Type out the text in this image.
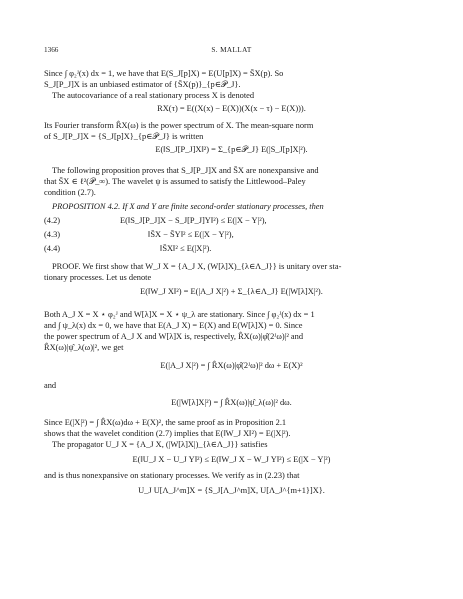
1366	S. MALLAT
Since ∫ φ₂ᴶ(x) dx = 1, we have that E(S_J[p]X) = E(U[p]X) = S̄X(p). So
S_J[P_J]X is an unbiased estimator of {S̄X(p)}_{p∈𝒫_J}.
The autocovariance of a real stationary process X is denoted
RX(τ) = E((X(x) − E(X))(X(x − τ) − E(X))).
Its Fourier transform R̂X(ω) is the power spectrum of X. The mean-square norm
of S_J[P_J]X = {S_J[p]X}_{p∈𝒫_J} is written
E(‖S_J[P_J]X‖²) = Σ_{p∈𝒫_J} E(|S_J[p]X|²).
The following proposition proves that S_J[P_J]X and S̄X are nonexpansive and
that S̄X ∈ ℓ²(𝒫_∞). The wavelet ψ is assumed to satisfy the Littlewood–Paley
condition (2.7).
PROPOSITION 4.2. If X and Y are finite second-order stationary processes, then
(4.2)	E(‖S_J[P_J]X − S_J[P_J]Y‖²) ≤ E(|X − Y|²),
(4.3)	‖S̄X − S̄Y‖² ≤ E(|X − Y|²),
(4.4)	‖S̄X‖² ≤ E(|X|²).
PROOF. We first show that W_J X = {A_J X, (W[λ]X)_{λ∈Λ_J}} is unitary over sta-
tionary processes. Let us denote
E(‖W_J X‖²) = E(|A_J X|²) + Σ_{λ∈Λ_J} E(|W[λ]X|²).
Both A_J X = X ⋆ φ₂ᴶ and W[λ]X = X ⋆ ψ_λ are stationary. Since ∫ φ₂ᴶ(x) dx = 1
and ∫ ψ_λ(x) dx = 0, we have that E(A_J X) = E(X) and E(W[λ]X) = 0. Since
the power spectrum of A_J X and W[λ]X is, respectively, R̂X(ω)|φ̂(2ᴶω)|² and
R̂X(ω)|ψ̂_λ(ω)|², we get
E(|A_J X|²) = ∫ R̂X(ω)|φ̂(2ᴶω)|² dω + E(X)²
and
E(|W[λ]X|²) = ∫ R̂X(ω)|ψ̂_λ(ω)|² dω.
Since E(|X|²) = ∫ R̂X(ω)dω + E(X)², the same proof as in Proposition 2.1
shows that the wavelet condition (2.7) implies that E(‖W_J X‖²) = E(|X|²).
The propagator U_J X = {A_J X, (|W[λ]X|)_{λ∈Λ_J}} satisfies
E(‖U_J X − U_J Y‖²) ≤ E(‖W_J X − W_J Y‖²) ≤ E(|X − Y|²)
and is thus nonexpansive on stationary processes. We verify as in (2.23) that
U_J U[Λ_J^m]X = {S_J[Λ_J^m]X, U[Λ_J^{m+1}]X}.
